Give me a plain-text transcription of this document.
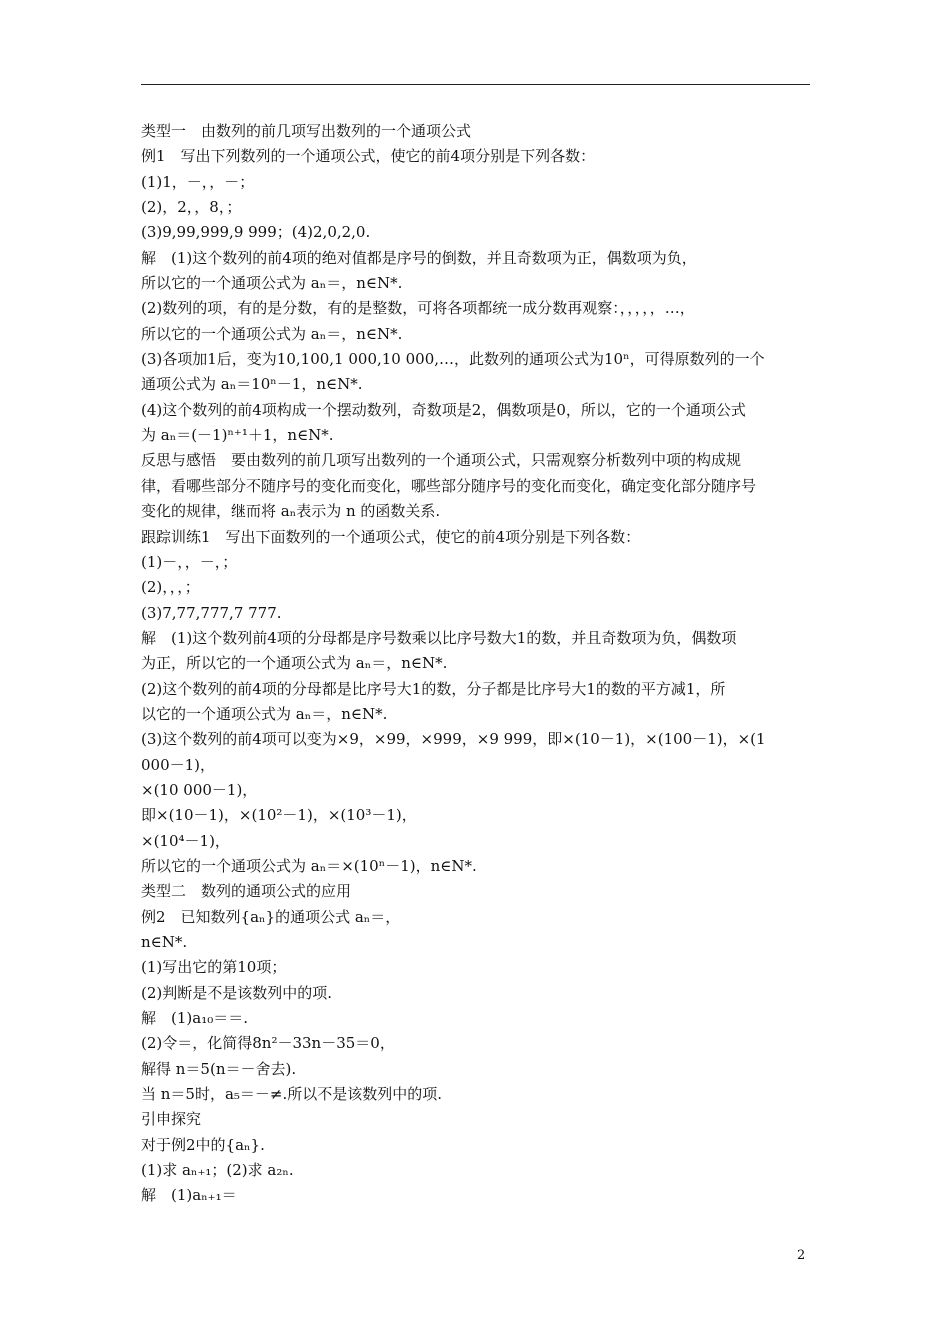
类型一　由数列的前几项写出数列的一个通项公式
例1　写出下列数列的一个通项公式，使它的前4项分别是下列各数：
(1)1，－，，－；
(2)，2，，8，；
(3)9,99,999,9 999；(4)2,0,2,0.
解　(1)这个数列的前4项的绝对值都是序号的倒数，并且奇数项为正，偶数项为负，
所以它的一个通项公式为 aₙ＝，n∈N*.
(2)数列的项，有的是分数，有的是整数，可将各项都统一成分数再观察：，，，，，…，
所以它的一个通项公式为 aₙ＝，n∈N*.
(3)各项加1后，变为10,100,1 000,10 000,…，此数列的通项公式为10ⁿ，可得原数列的一个
通项公式为 aₙ＝10ⁿ－1，n∈N*.
(4)这个数列的前4项构成一个摆动数列，奇数项是2，偶数项是0，所以，它的一个通项公式
为 aₙ＝(－1)ⁿ⁺¹＋1，n∈N*.
反思与感悟　要由数列的前几项写出数列的一个通项公式，只需观察分析数列中项的构成规
律，看哪些部分不随序号的变化而变化，哪些部分随序号的变化而变化，确定变化部分随序号
变化的规律，继而将 aₙ表示为 n 的函数关系.
跟踪训练1　写出下面数列的一个通项公式，使它的前4项分别是下列各数：
(1)－，，－，；
(2)，，，；
(3)7,77,777,7 777.
解　(1)这个数列前4项的分母都是序号数乘以比序号数大1的数，并且奇数项为负，偶数项
为正，所以它的一个通项公式为 aₙ＝，n∈N*.
(2)这个数列的前4项的分母都是比序号大1的数，分子都是比序号大1的数的平方减1，所
以它的一个通项公式为 aₙ＝，n∈N*.
(3)这个数列的前4项可以变为×9，×99，×999，×9 999，即×(10－1)，×(100－1)，×(1
000－1)，
×(10 000－1)，
即×(10－1)，×(10²－1)，×(10³－1)，
×(10⁴－1)，
所以它的一个通项公式为 aₙ＝×(10ⁿ－1)，n∈N*.
类型二　数列的通项公式的应用
例2　已知数列{aₙ}的通项公式 aₙ＝，
n∈N*.
(1)写出它的第10项；
(2)判断是不是该数列中的项.
解　(1)a₁₀＝＝.
(2)令＝，化简得8n²－33n－35＝0，
解得 n＝5(n＝－舍去).
当 n＝5时，a₅＝－≠.所以不是该数列中的项.
引申探究
对于例2中的{aₙ}.
(1)求 aₙ₊₁；(2)求 a₂ₙ.
解　(1)aₙ₊₁＝
2
